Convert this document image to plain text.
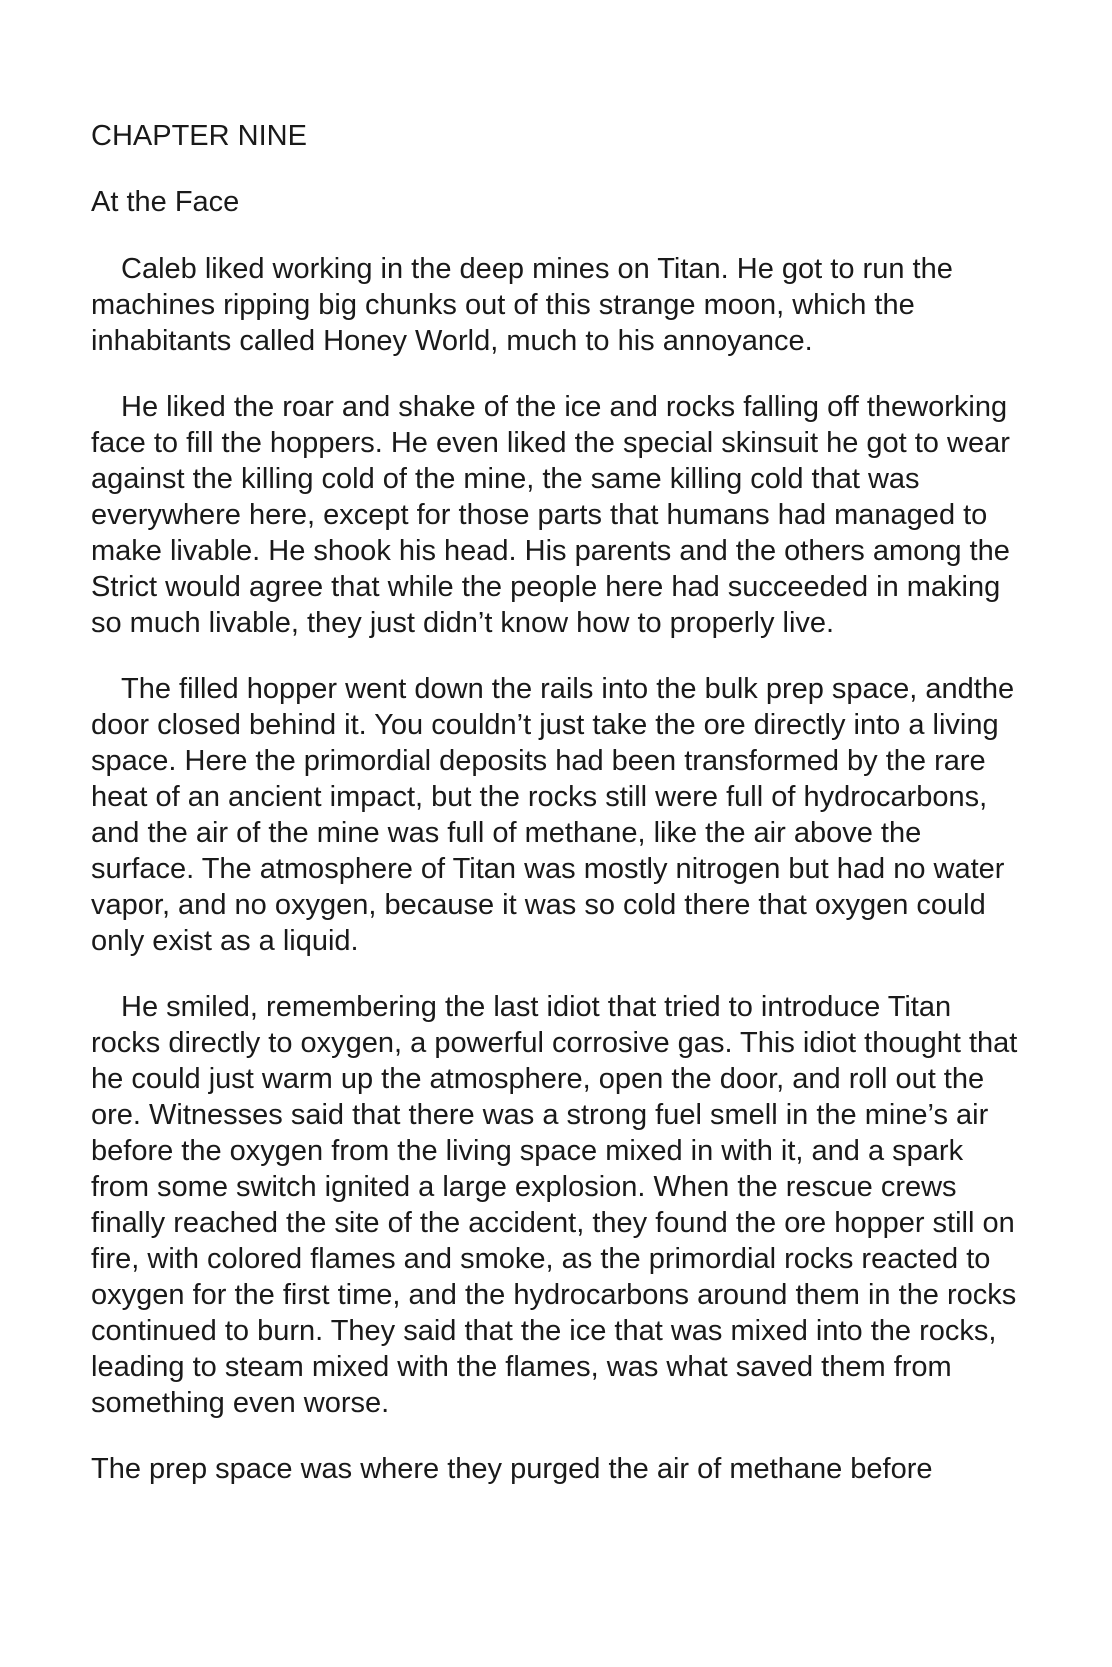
CHAPTER NINE
At the Face

Caleb liked working in the deep mines on Titan. He got to run the machines ripping big chunks out of this strange moon, which the inhabitants called Honey World, much to his annoyance.

He liked the roar and shake of the ice and rocks falling off theworking face to fill the hoppers. He even liked the special skinsuit he got to wear against the killing cold of the mine, the same killing cold that was everywhere here, except for those parts that humans had managed to make livable. He shook his head. His parents and the others among the Strict would agree that while the people here had succeeded in making so much livable, they just didn’t know how to properly live.

The filled hopper went down the rails into the bulk prep space, andthe door closed behind it. You couldn’t just take the ore directly into a living space. Here the primordial deposits had been transformed by the rare heat of an ancient impact, but the rocks still were full of hydrocarbons, and the air of the mine was full of methane, like the air above the surface. The atmosphere of Titan was mostly nitrogen but had no water vapor, and no oxygen, because it was so cold there that oxygen could only exist as a liquid.

He smiled, remembering the last idiot that tried to introduce Titan rocks directly to oxygen, a powerful corrosive gas. This idiot thought that he could just warm up the atmosphere, open the door, and roll out the ore. Witnesses said that there was a strong fuel smell in the mine’s air before the oxygen from the living space mixed in with it, and a spark from some switch ignited a large explosion. When the rescue crews finally reached the site of the accident, they found the ore hopper still on fire, with colored flames and smoke, as the primordial rocks reacted to oxygen for the first time, and the hydrocarbons around them in the rocks continued to burn. They said that the ice that was mixed into the rocks, leading to steam mixed with the flames, was what saved them from something even worse.

The prep space was where they purged the air of methane before
